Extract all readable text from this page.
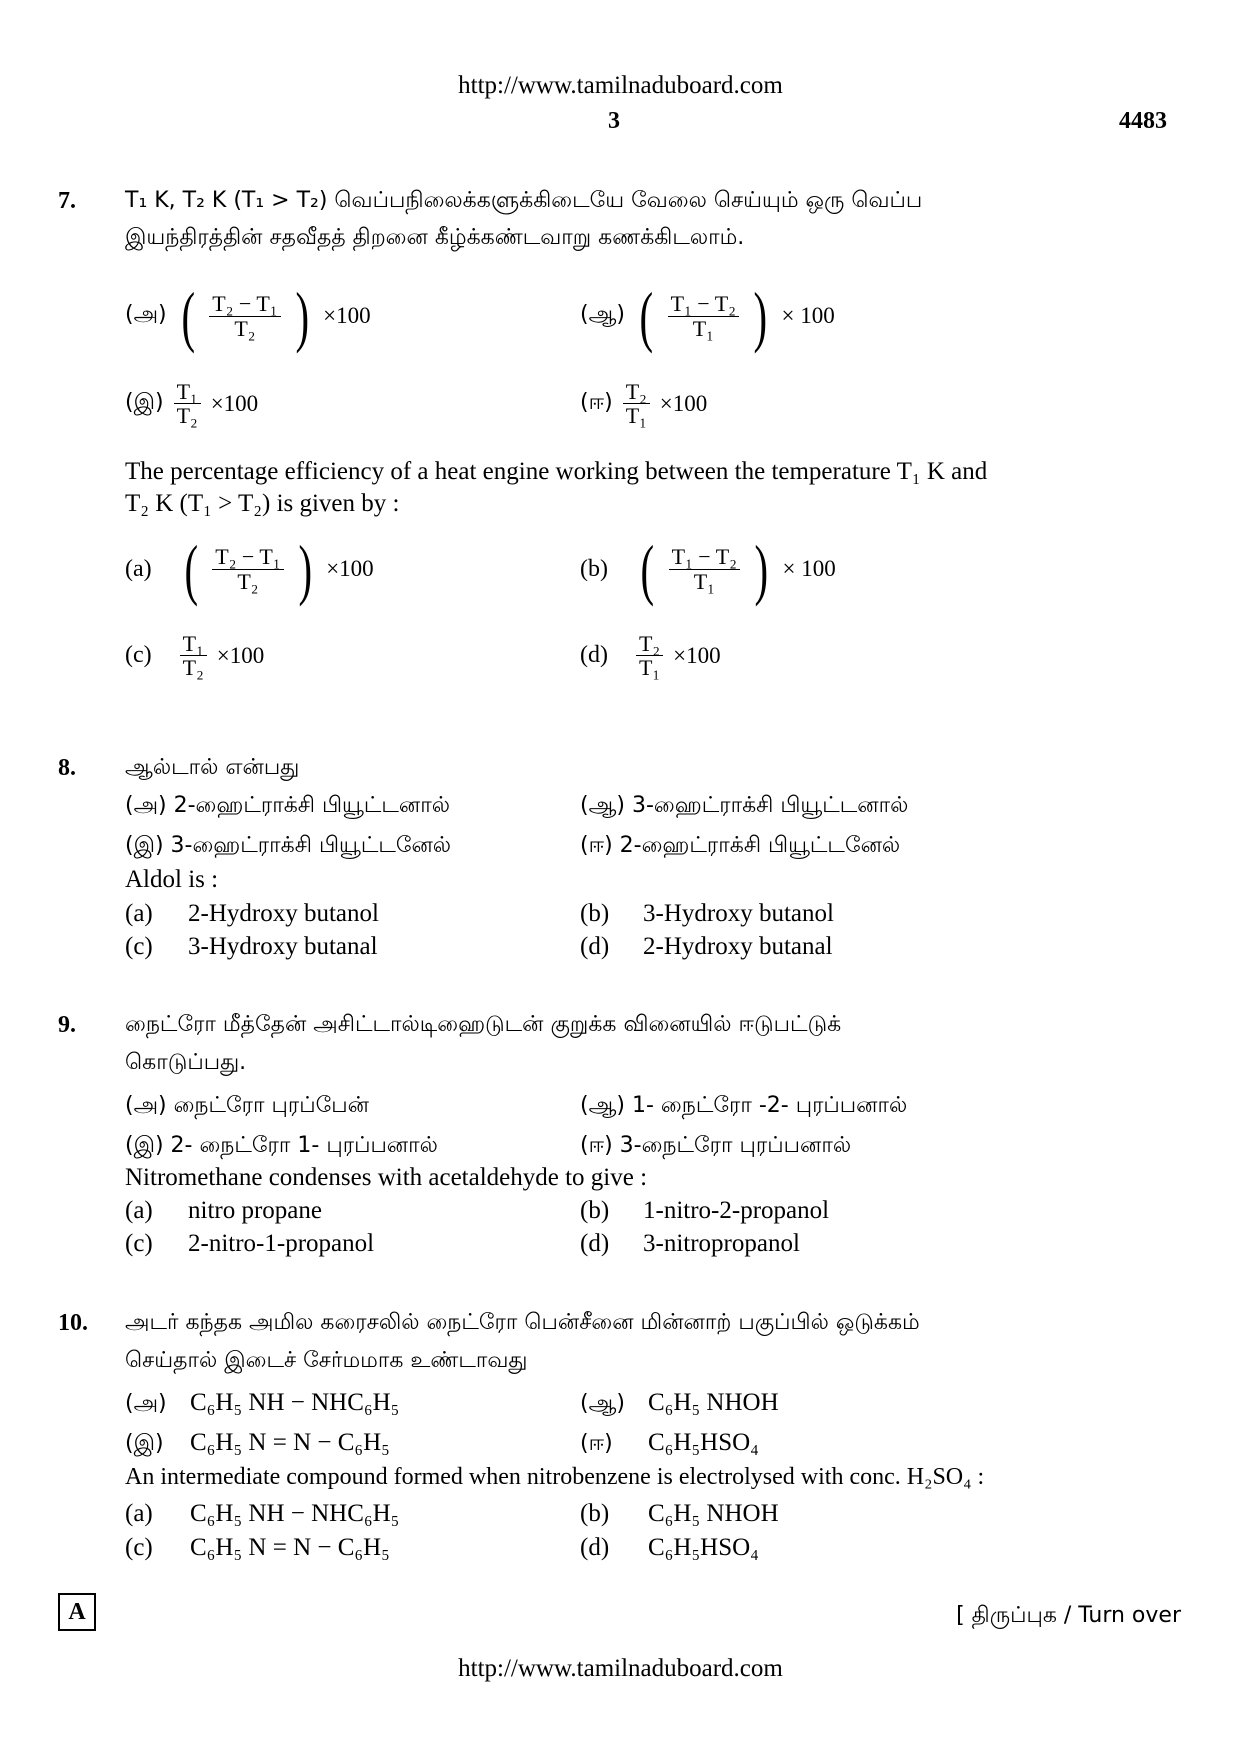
http://www.tamilnaduboard.com
3	4483
7. T₁ K, T₂ K (T₁ > T₂) வெப்பநிலைக்களுக்கிடையே வேலை செய்யும் ஒரு வெப்ப
இயந்திரத்தின் சதவீதத் திறனை கீழ்க்கண்டவாறு கணக்கிடலாம்.
(அ) ( $\frac{\text{T₂ − T₁}}{\text{T₂}}$ ) ×100	(ஆ) ( $\frac{\text{T₁ − T₂}}{\text{T₁}}$ ) × 100
(இ) $\frac{\text{T₁}}{\text{T₂}} \times 100$	(ஈ) $\frac{\text{T₂}}{\text{T₁}} \times 100$
The percentage efficiency of a heat engine working between the temperature T₁ K and
T₂ K (T₁ > T₂) is given by :
(a) ( $\frac{\text{T₂ − T₁}}{\text{T₂}}$ ) ×100	(b) ( $\frac{\text{T₁ − T₂}}{\text{T₁}}$ ) × 100
$(c) \frac{\text{T₁}}{\text{T₂}} \times 100$	$(d) \frac{\text{T₂}}{\text{T₁}} \times 100$
8. ஆல்டால் என்பது
(அ) 2-ஹைட்ராக்சி பியூட்டனால்	(ஆ) 3-ஹைட்ராக்சி பியூட்டனால்
(இ) 3-ஹைட்ராக்சி பியூட்டனேல்	(ஈ) 2-ஹைட்ராக்சி பியூட்டனேல்
Aldol is :
(a) 2-Hydroxy butanol	(b) 3-Hydroxy butanol
(c) 3-Hydroxy butanal	(d) 2-Hydroxy butanal
9. நைட்ரோ மீத்தேன் அசிட்டால்டிஹைடுடன் குறுக்க வினையில் ஈடுபட்டுக்
கொடுப்பது.
(அ) நைட்ரோ புரப்பேன்	(ஆ) 1- நைட்ரோ -2- புரப்பனால்
(இ) 2- நைட்ரோ 1- புரப்பனால்	(ஈ) 3-நைட்ரோ புரப்பனால்
Nitromethane condenses with acetaldehyde to give :
(a) nitro propane	(b) 1-nitro-2-propanol
(c) 2-nitro-1-propanol	(d) 3-nitropropanol
10. அடர் கந்தக அமில கரைசலில் நைட்ரோ பென்சீனை மின்னாற் பகுப்பில் ஒடுக்கம்
செய்தால் இடைச் சேர்மமாக உண்டாவது
(அ) C₆H₅ NH − NHC₆H₅	(ஆ) C₆H₅ NHOH
(இ) C₆H₅ N = N − C₆H₅	(ஈ) C₆H₅HSO₄
An intermediate compound formed when nitrobenzene is electrolysed with conc. H₂SO₄ :
(a) C₆H₅ NH − NHC₆H₅	(b) C₆H₅ NHOH
(c) C₆H₅ N = N − C₆H₅	(d) C₆H₅HSO₄
A	[ திருப்புக / Turn over
http://www.tamilnaduboard.com
